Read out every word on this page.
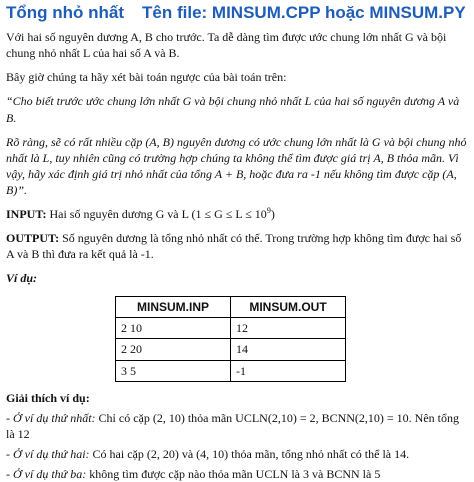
Tổng nhỏ nhất Tên file: MINSUM.CPP hoặc MINSUM.PY

Với hai số nguyên dương A, B cho trước. Ta dễ dàng tìm được ước chung lớn nhất G và bội chung nhỏ nhất L của hai số A và B.

Bây giờ chúng ta hãy xét bài toán ngược của bài toán trên:

“Cho biết trước ước chung lớn nhất G và bội chung nhỏ nhất L của hai số nguyên dương A và B.

Rõ ràng, sẽ có rất nhiều cặp (A, B) nguyên dương có ước chung lớn nhất là G và bội chung nhỏ nhất là L, tuy nhiên cũng có trường hợp chúng ta không thể tìm được giá trị A, B thỏa mãn. Vì vậy, hãy xác định giá trị nhỏ nhất của tổng A + B, hoặc đưa ra -1 nếu không tìm được cặp (A, B)”.

INPUT: Hai số nguyên dương G và L $(1 \le G \le L \le 10^9)$

OUTPUT: Số nguyên dương là tổng nhỏ nhất có thể. Trong trường hợp không tìm được hai số A và B thì đưa ra kết quả là -1.

Ví dụ:
MINSUM.INP	MINSUM.OUT
2 10	12
2 20	14
3 5	-1
Giải thích ví dụ:
- Ở ví dụ thứ nhất: Chỉ có cặp (2, 10) thỏa mãn UCLN(2,10) = 2, BCNN(2,10) = 10. Nên tổng là 12
- Ở ví dụ thứ hai: Có hai cặp (2, 20) và (4, 10) thỏa mãn, tổng nhỏ nhất có thể là 14.
- Ở ví dụ thứ ba: không tìm được cặp nào thỏa mãn UCLN là 3 và BCNN là 5
